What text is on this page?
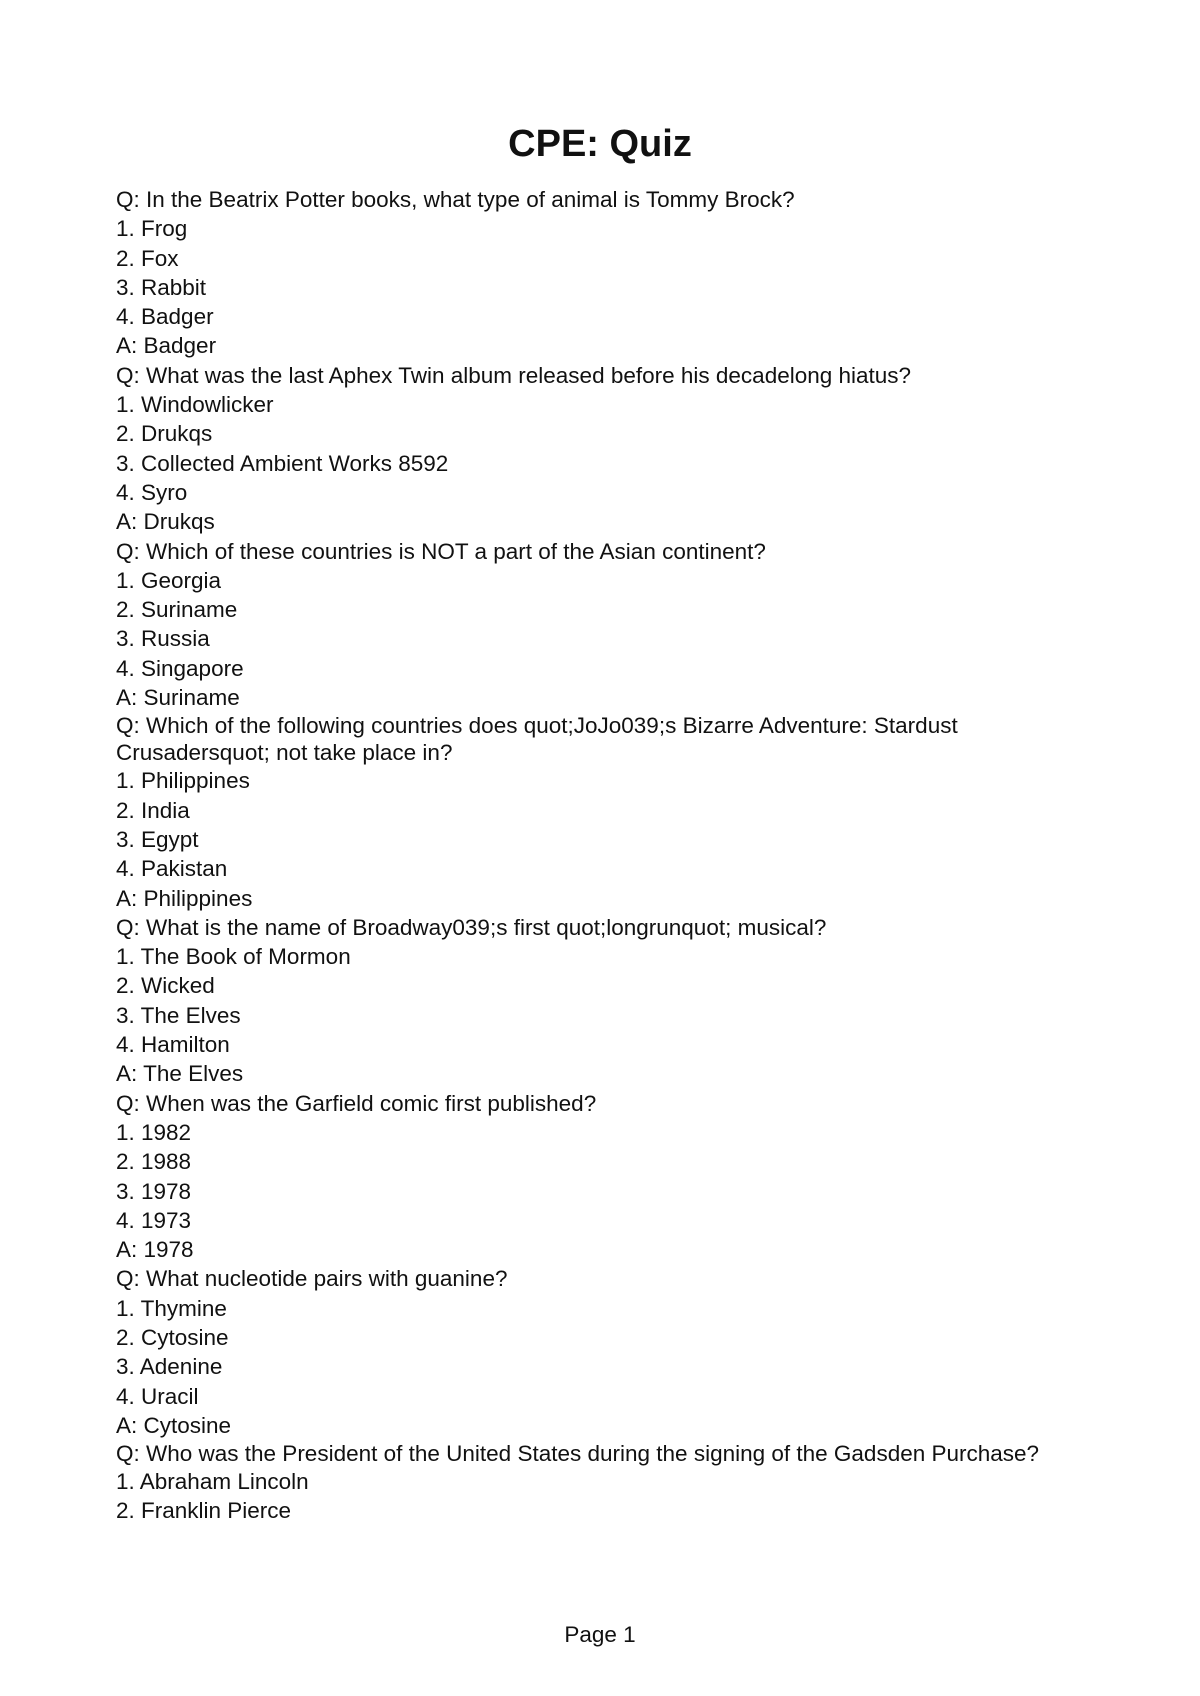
CPE: Quiz

Q: In the Beatrix Potter books, what type of animal is Tommy Brock?

1. Frog

2. Fox

3. Rabbit

4. Badger

A: Badger

Q: What was the last Aphex Twin album released before his decadelong hiatus?

1. Windowlicker

2. Drukqs

3. Collected Ambient Works 8592

4. Syro

A: Drukqs

Q: Which of these countries is NOT a part of the Asian continent?

1. Georgia

2. Suriname

3. Russia

4. Singapore

A: Suriname

Q: Which of the following countries does quot;JoJo039;s Bizarre Adventure: Stardust Crusadersquot; not take place in?

1. Philippines

2. India

3. Egypt

4. Pakistan

A: Philippines

Q: What is the name of Broadway039;s first quot;longrunquot; musical?

1. The Book of Mormon

2. Wicked

3. The Elves

4. Hamilton

A: The Elves

Q: When was the Garfield comic first published?

1. 1982

2. 1988

3. 1978

4. 1973

A: 1978

Q: What nucleotide pairs with guanine?

1. Thymine

2. Cytosine

3. Adenine

4. Uracil

A: Cytosine

Q: Who was the President of the United States during the signing of the Gadsden Purchase?

1. Abraham Lincoln

2. Franklin Pierce

Page 1
